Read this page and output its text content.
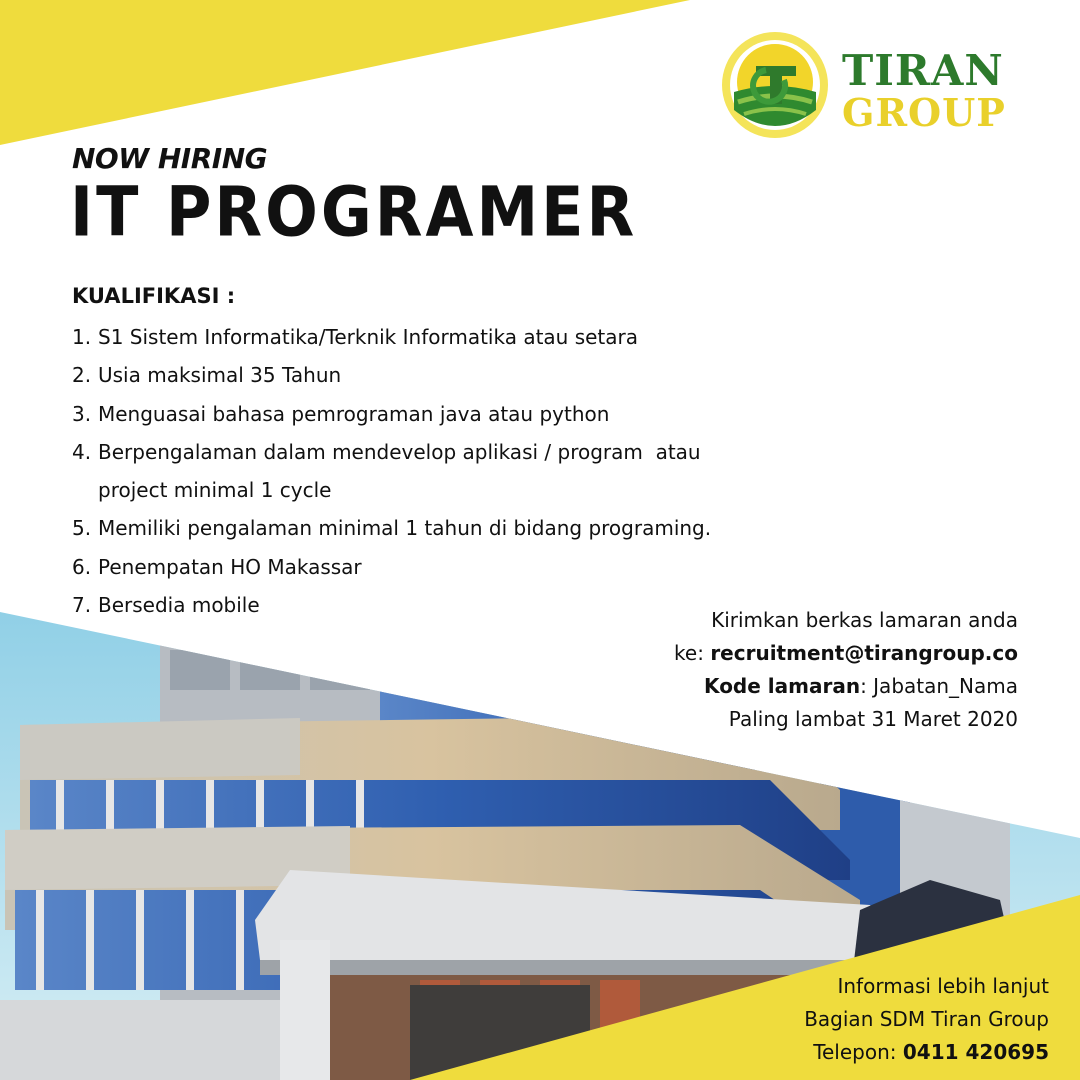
TIRAN
GROUP
NOW HIRING
IT PROGRAMER
KUALIFIKASI :
1. S1 Sistem Informatika/Terknik Informatika atau setara
2. Usia maksimal 35 Tahun
3. Menguasai bahasa pemrograman java atau python
4. Berpengalaman dalam mendevelop aplikasi / program  atau
project minimal 1 cycle
5. Memiliki pengalaman minimal 1 tahun di bidang programing.
6. Penempatan HO Makassar
7. Bersedia mobile
Kirimkan berkas lamaran anda
ke: recruitment@tirangroup.co
Kode lamaran: Jabatan_Nama
Paling lambat 31 Maret 2020
Informasi lebih lanjut
Bagian SDM Tiran Group
Telepon: 0411 420695
